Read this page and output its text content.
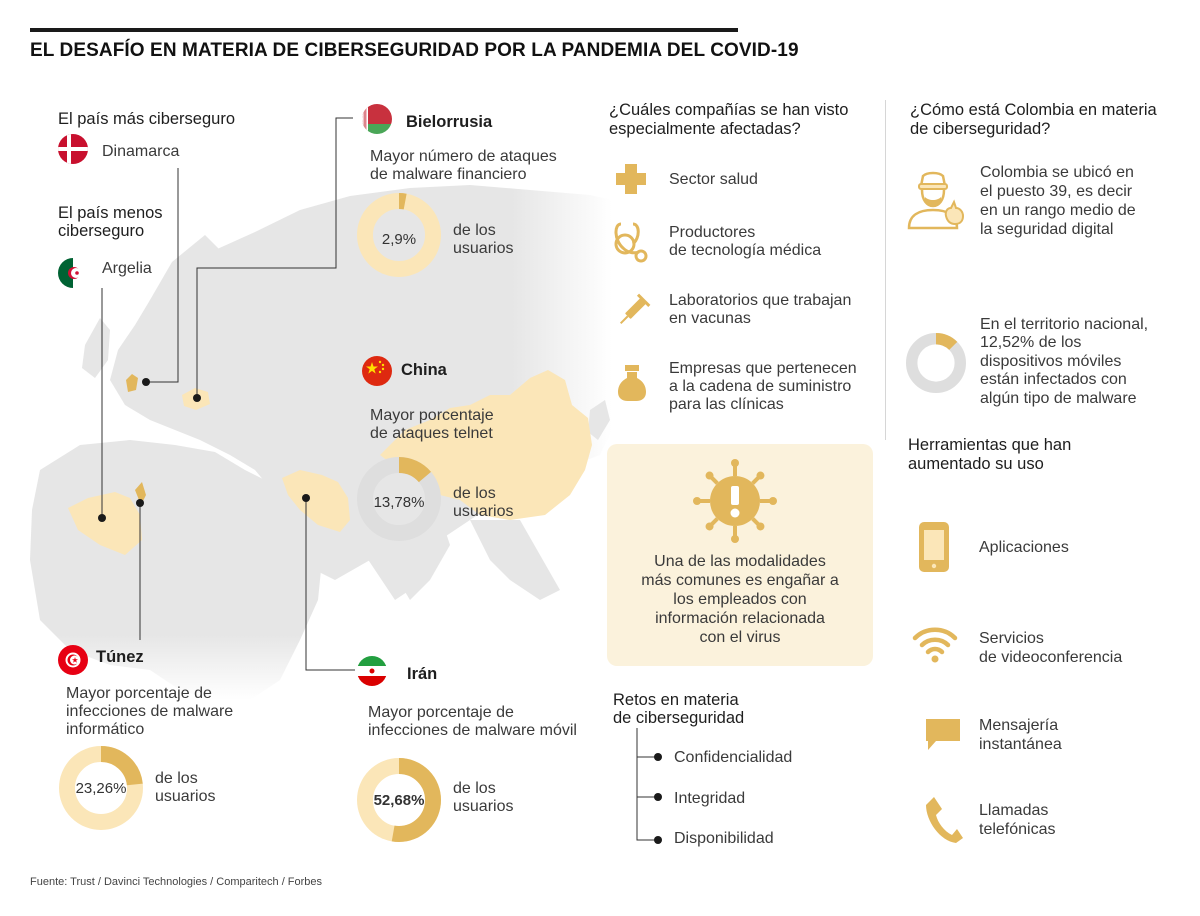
EL DESAFÍO EN MATERIA DE CIBERSEGURIDAD POR LA PANDEMIA DEL COVID-19
El país más ciberseguro
Dinamarca
El país menos
ciberseguro
Argelia
Bielorrusia
Mayor número de ataques
de malware financiero
2,9%
de los
usuarios
China
Mayor porcentaje
de ataques telnet
13,78%
de los
usuarios
Túnez
Mayor porcentaje de
infecciones de malware
informático
23,26%
de los
usuarios
Irán
Mayor porcentaje de
infecciones de malware móvil
52,68%
de los
usuarios
¿Cuáles compañías se han visto
especialmente afectadas?
Sector salud
Productores
de tecnología médica
Laboratorios que trabajan
en vacunas
Empresas que pertenecen
a la cadena de suministro
para las clínicas
Una de las modalidades
más comunes es engañar a
los empleados con
información relacionada
con el virus
Retos en materia
de ciberseguridad
Confidencialidad
Integridad
Disponibilidad
¿Cómo está Colombia en materia
de ciberseguridad?
Colombia se ubicó en
el puesto 39, es decir
en un rango medio de
la seguridad digital
En el territorio nacional,
12,52% de los
dispositivos móviles
están infectados con
algún tipo de malware
Herramientas que han
aumentado su uso
Aplicaciones
Servicios
de videoconferencia
Mensajería
instantánea
Llamadas
telefónicas
Fuente: Trust / Davinci Technologies / Comparitech / Forbes
